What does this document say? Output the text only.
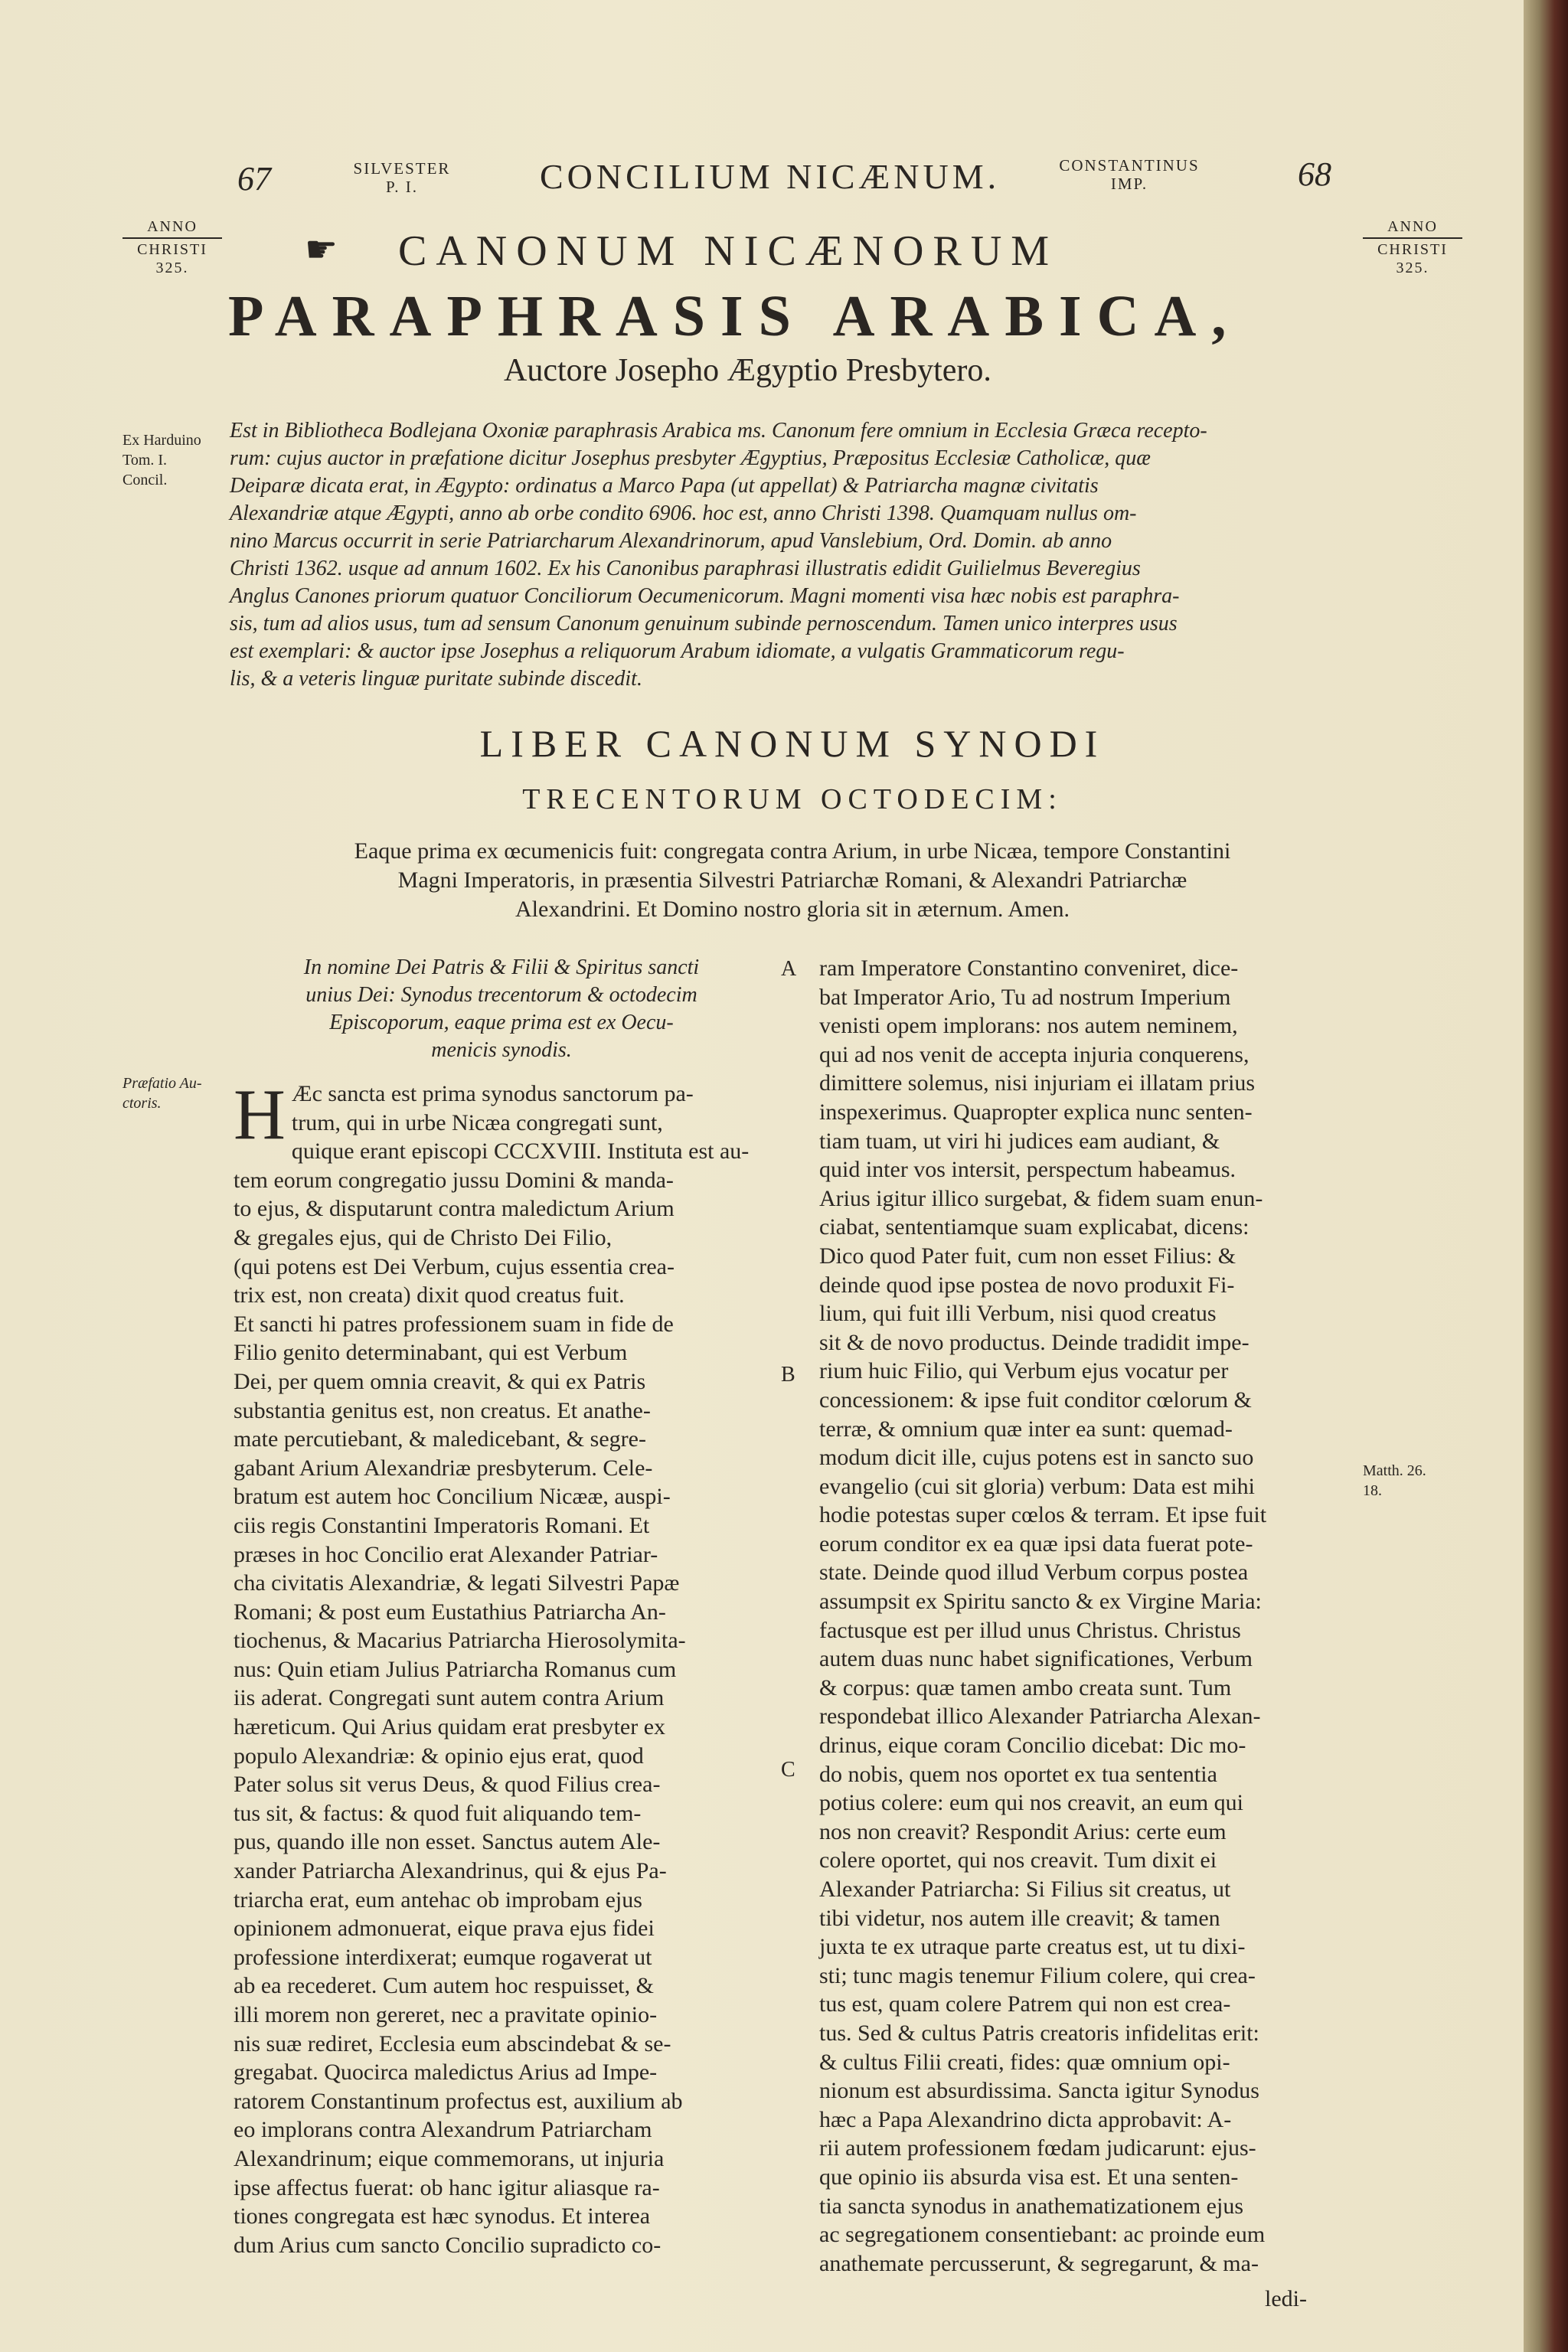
67	SILVESTER
P. I.	CONCILIUM NICÆNUM.	CONSTANTINUS
IMP.	68
ANNO
CHRISTI
325.
ANNO
CHRISTI
325.
☛ CANONUM NICÆNORUM
PARAPHRASIS ARABICA,
Auctore Josepho Ægyptio Presbytero.
Ex Harduino
Tom. I.
Concil.
Est in Bibliotheca Bodlejana Oxoniæ paraphrasis Arabica ms. Canonum fere omnium in Ecclesia Græca recepto-
rum: cujus auctor in præfatione dicitur Josephus presbyter Ægyptius, Præpositus Ecclesiæ Catholicæ, quæ
Deiparæ dicata erat, in Ægypto: ordinatus a Marco Papa (ut appellat) & Patriarcha magnæ civitatis
Alexandriæ atque Ægypti, anno ab orbe condito 6906. hoc est, anno Christi 1398. Quamquam nullus om-
nino Marcus occurrit in serie Patriarcharum Alexandrinorum, apud Vanslebium, Ord. Domin. ab anno
Christi 1362. usque ad annum 1602. Ex his Canonibus paraphrasi illustratis edidit Guilielmus Beveregius
Anglus Canones priorum quatuor Conciliorum Oecumenicorum. Magni momenti visa hæc nobis est paraphra-
sis, tum ad alios usus, tum ad sensum Canonum genuinum subinde pernoscendum. Tamen unico interpres usus
est exemplari: & auctor ipse Josephus a reliquorum Arabum idiomate, a vulgatis Grammaticorum regu-
lis, & a veteris linguæ puritate subinde discedit.
LIBER CANONUM SYNODI
TRECENTORUM OCTODECIM:
Eaque prima ex œcumenicis fuit: congregata contra Arium, in urbe Nicæa, tempore Constantini
Magni Imperatoris, in præsentia Silvestri Patriarchæ Romani, & Alexandri Patriarchæ
Alexandrini. Et Domino nostro gloria sit in æternum. Amen.
In nomine Dei Patris & Filii & Spiritus sancti
unius Dei: Synodus trecentorum & octodecim
Episcoporum, eaque prima est ex Oecu-
menicis synodis.
Præfatio Au-
ctoris.	H Æc sancta est prima synodus sanctorum pa-
trum, qui in urbe Nicæa congregati sunt,
quique erant episcopi CCCXVIII. Instituta est au-
tem eorum congregatio jussu Domini & manda-
to ejus, & disputarunt contra maledictum Arium
& gregales ejus, qui de Christo Dei Filio,
(qui potens est Dei Verbum, cujus essentia crea-
trix est, non creata) dixit quod creatus fuit.
Et sancti hi patres professionem suam in fide de
Filio genito determinabant, qui est Verbum
Dei, per quem omnia creavit, & qui ex Patris
substantia genitus est, non creatus. Et anathe-
mate percutiebant, & maledicebant, & segre-
gabant Arium Alexandriæ presbyterum. Cele-
bratum est autem hoc Concilium Nicææ, auspi-
ciis regis Constantini Imperatoris Romani. Et
præses in hoc Concilio erat Alexander Patriar-
cha civitatis Alexandriæ, & legati Silvestri Papæ
Romani; & post eum Eustathius Patriarcha An-
tiochenus, & Macarius Patriarcha Hierosolymita-
nus: Quin etiam Julius Patriarcha Romanus cum
iis aderat. Congregati sunt autem contra Arium
hæreticum. Qui Arius quidam erat presbyter ex
populo Alexandriæ: & opinio ejus erat, quod
Pater solus sit verus Deus, & quod Filius crea-
tus sit, & factus: & quod fuit aliquando tem-
pus, quando ille non esset. Sanctus autem Ale-
xander Patriarcha Alexandrinus, qui & ejus Pa-
triarcha erat, eum antehac ob improbam ejus
opinionem admonuerat, eique prava ejus fidei
professione interdixerat; eumque rogaverat ut
ab ea recederet. Cum autem hoc respuisset, &
illi morem non gereret, nec a pravitate opinio-
nis suæ rediret, Ecclesia eum abscindebat & se-
gregabat. Quocirca maledictus Arius ad Impe-
ratorem Constantinum profectus est, auxilium ab
eo implorans contra Alexandrum Patriarcham
Alexandrinum; eique commemorans, ut injuria
ipse affectus fuerat: ob hanc igitur aliasque ra-
tiones congregata est hæc synodus. Et interea
dum Arius cum sancto Concilio supradicto co-
A
B
C
ram Imperatore Constantino conveniret, dice-
bat Imperator Ario, Tu ad nostrum Imperium
venisti opem implorans: nos autem neminem,
qui ad nos venit de accepta injuria conquerens,
dimittere solemus, nisi injuriam ei illatam prius
inspexerimus. Quapropter explica nunc senten-
tiam tuam, ut viri hi judices eam audiant, &
quid inter vos intersit, perspectum habeamus.
Arius igitur illico surgebat, & fidem suam enun-
ciabat, sententiamque suam explicabat, dicens:
Dico quod Pater fuit, cum non esset Filius: &
deinde quod ipse postea de novo produxit Fi-
lium, qui fuit illi Verbum, nisi quod creatus
sit & de novo productus. Deinde tradidit impe-
rium huic Filio, qui Verbum ejus vocatur per
concessionem: & ipse fuit conditor cœlorum &
terræ, & omnium quæ inter ea sunt: quemad-
modum dicit ille, cujus potens est in sancto suo
evangelio (cui sit gloria) verbum: Data est mihi
hodie potestas super cœlos & terram. Et ipse fuit
eorum conditor ex ea quæ ipsi data fuerat pote-
state. Deinde quod illud Verbum corpus postea
assumpsit ex Spiritu sancto & ex Virgine Maria:
factusque est per illud unus Christus. Christus
autem duas nunc habet significationes, Verbum
& corpus: quæ tamen ambo creata sunt. Tum
respondebat illico Alexander Patriarcha Alexan-
drinus, eique coram Concilio dicebat: Dic mo-
do nobis, quem nos oportet ex tua sententia
potius colere: eum qui nos creavit, an eum qui
nos non creavit? Respondit Arius: certe eum
colere oportet, qui nos creavit. Tum dixit ei
Alexander Patriarcha: Si Filius sit creatus, ut
tibi videtur, nos autem ille creavit; & tamen
juxta te ex utraque parte creatus est, ut tu dixi-
sti; tunc magis tenemur Filium colere, qui crea-
tus est, quam colere Patrem qui non est crea-
tus. Sed & cultus Patris creatoris infidelitas erit:
& cultus Filii creati, fides: quæ omnium opi-
nionum est absurdissima. Sancta igitur Synodus
hæc a Papa Alexandrino dicta approbavit: A-
rii autem professionem fœdam judicarunt: ejus-
que opinio iis absurda visa est. Et una senten-
tia sancta synodus in anathematizationem ejus
ac segregationem consentiebant: ac proinde eum
anathemate percusserunt, & segregarunt, & ma-
Matth. 26.
18.
ledi-
